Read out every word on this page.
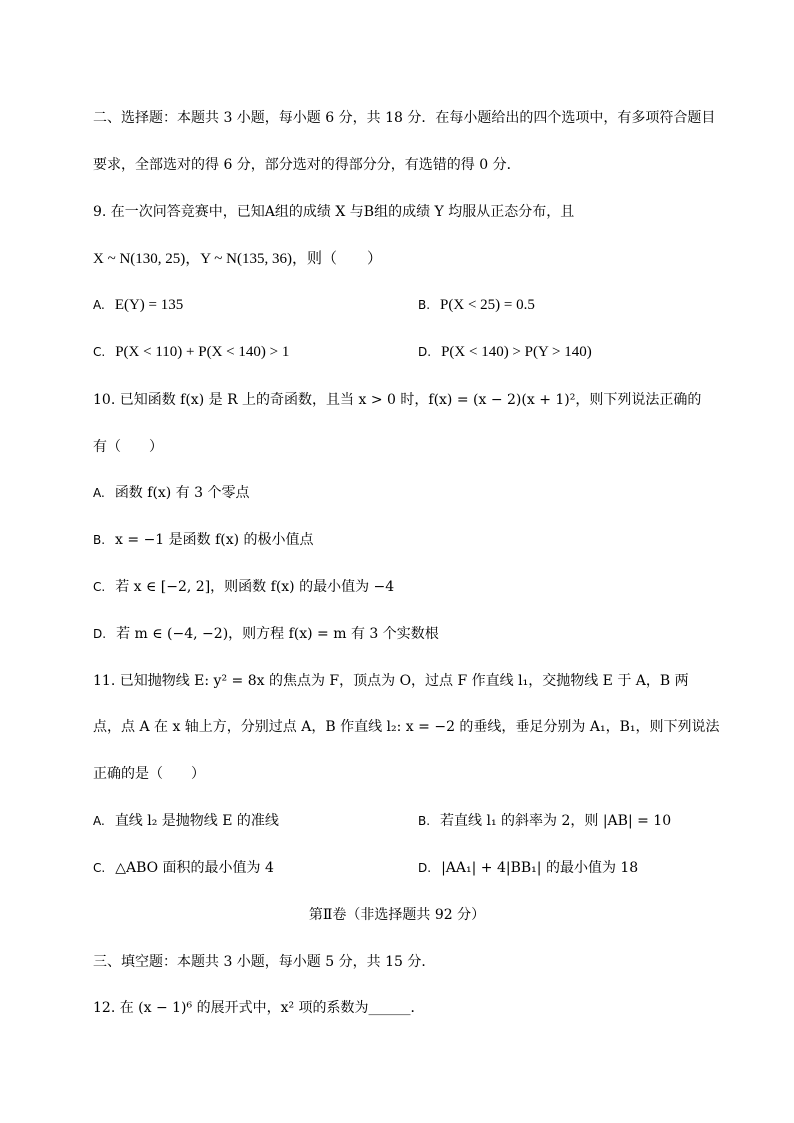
二、选择题：本题共 3 小题，每小题 6 分，共 18 分．在每小题给出的四个选项中，有多项符合题目
要求，全部选对的得 6 分，部分选对的得部分分，有选错的得 0 分．
9. 在一次问答竞赛中，已知A组的成绩 X 与B组的成绩 Y 均服从正态分布，且
X ~ N(130, 25)，Y ~ N(135, 36)，则（　　）
A. E(Y) = 135	B. P(X < 25) = 0.5
C. P(X < 110) + P(X < 140) > 1	D. P(X < 140) > P(Y > 140)
10. 已知函数 f(x) 是 R 上的奇函数，且当 x > 0 时，f(x) = (x − 2)(x + 1)²，则下列说法正确的
有（　　）
A. 函数 f(x) 有 3 个零点
B. x = −1 是函数 f(x) 的极小值点
C. 若 x ∈ [−2, 2]，则函数 f(x) 的最小值为 −4
D. 若 m ∈ (−4, −2)，则方程 f(x) = m 有 3 个实数根
11. 已知抛物线 E: y² = 8x 的焦点为 F，顶点为 O，过点 F 作直线 l₁，交抛物线 E 于 A，B 两
点，点 A 在 x 轴上方，分别过点 A，B 作直线 l₂: x = −2 的垂线，垂足分别为 A₁，B₁，则下列说法
正确的是（　　）
A. 直线 l₂ 是抛物线 E 的准线	B. 若直线 l₁ 的斜率为 2，则 |AB| = 10
C. △ABO 面积的最小值为 4	D. |AA₁| + 4|BB₁| 的最小值为 18
第Ⅱ卷（非选择题共 92 分）
三、填空题：本题共 3 小题，每小题 5 分，共 15 分．
12. 在 (x − 1)⁶ 的展开式中，x² 项的系数为______．
